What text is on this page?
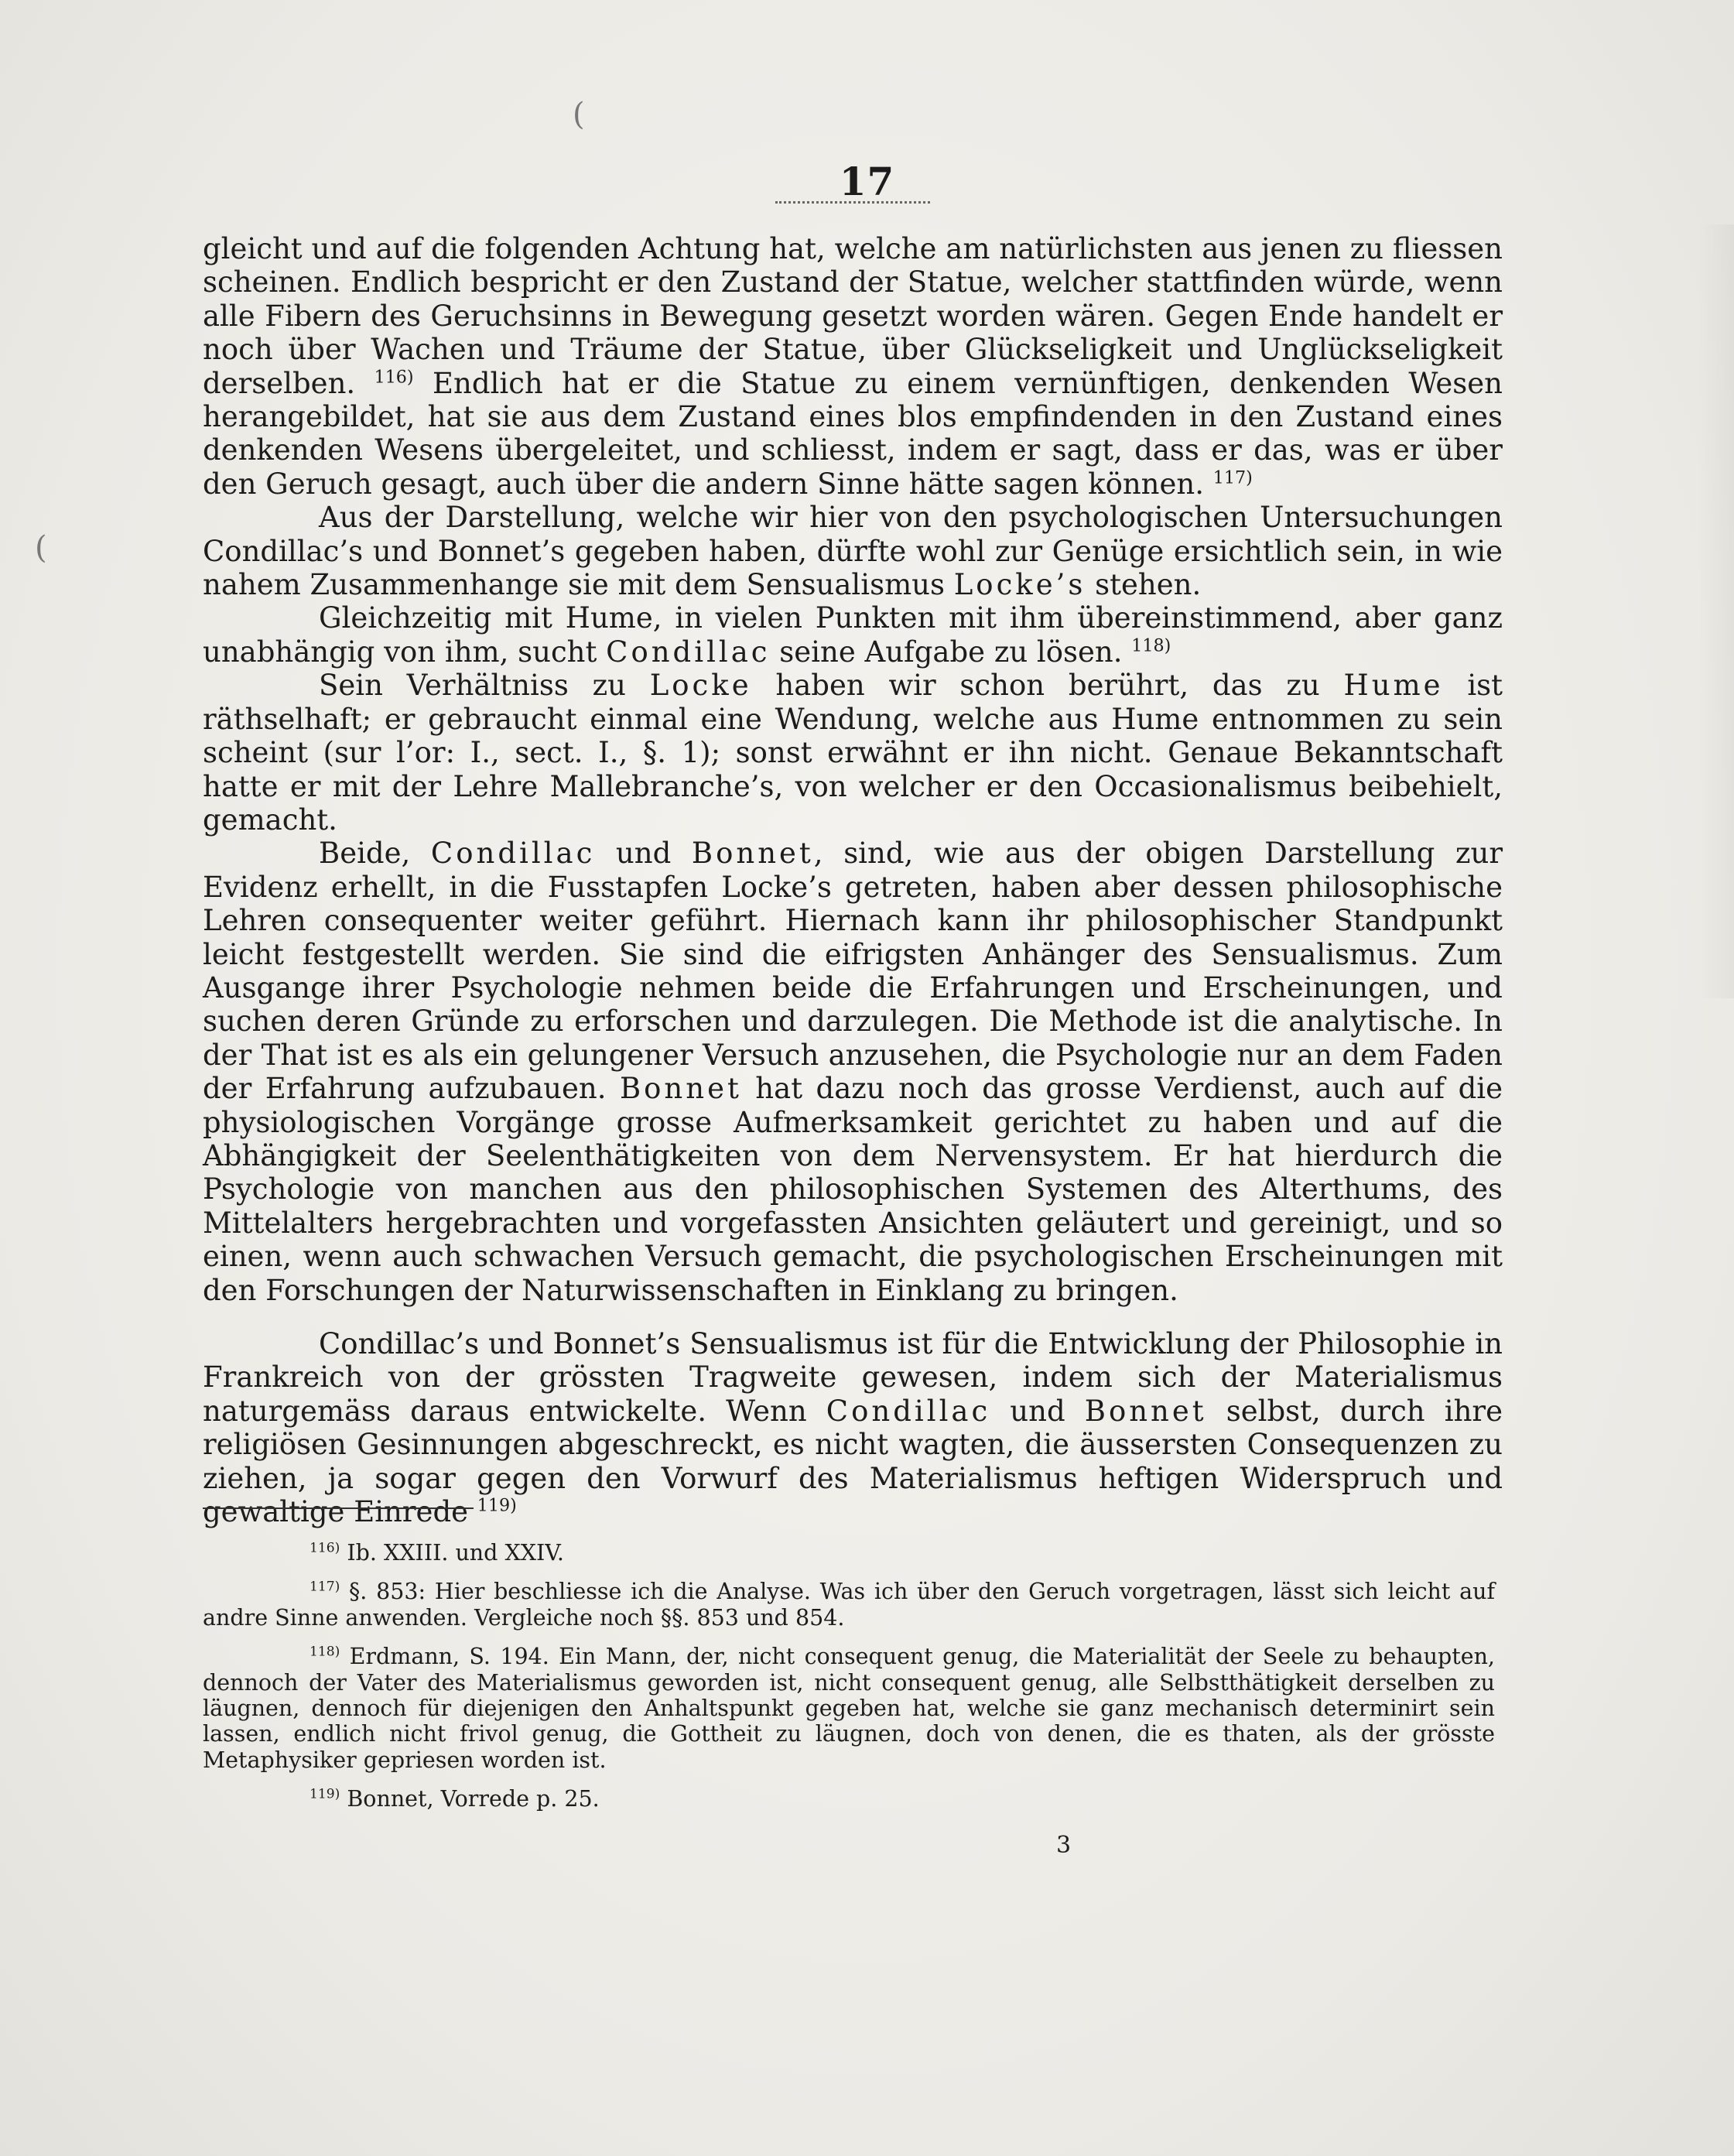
(
(
17

gleicht und auf die folgenden Achtung hat, welche am natürlichsten aus jenen zu fliessen scheinen. Endlich bespricht er den Zustand der Statue, welcher stattfinden würde, wenn alle Fibern des Geruchsinns in Bewegung gesetzt worden wären. Gegen Ende handelt er noch über Wachen und Träume der Statue, über Glückseligkeit und Unglückseligkeit derselben. $^{116)}$ Endlich hat er die Statue zu einem vernünftigen, denkenden Wesen herangebildet, hat sie aus dem Zustand eines blos empfindenden in den Zustand eines denkenden Wesens übergeleitet, und schliesst, indem er sagt, dass er das, was er über den Geruch gesagt, auch über die andern Sinne hätte sagen können. $^{117)}$

Aus der Darstellung, welche wir hier von den psychologischen Untersuchungen Condillac’s und Bonnet’s gegeben haben, dürfte wohl zur Genüge ersichtlich sein, in wie nahem Zusammenhange sie mit dem Sensualismus Locke’s stehen.

Gleichzeitig mit Hume, in vielen Punkten mit ihm übereinstimmend, aber ganz unabhängig von ihm, sucht Condillac seine Aufgabe zu lösen. $^{118)}$

Sein Verhältniss zu Locke haben wir schon berührt, das zu Hume ist räthselhaft; er gebraucht einmal eine Wendung, welche aus Hume entnommen zu sein scheint (sur l’or: I., sect. I., §. 1); sonst erwähnt er ihn nicht. Genaue Bekanntschaft hatte er mit der Lehre Mallebranche’s, von welcher er den Occasionalismus beibehielt, gemacht.

Beide, Condillac und Bonnet, sind, wie aus der obigen Darstellung zur Evidenz erhellt, in die Fusstapfen Locke’s getreten, haben aber dessen philosophische Lehren consequenter weiter geführt. Hiernach kann ihr philosophischer Standpunkt leicht festgestellt werden. Sie sind die eifrigsten Anhänger des Sensualismus. Zum Ausgange ihrer Psychologie nehmen beide die Erfahrungen und Erscheinungen, und suchen deren Gründe zu erforschen und darzulegen. Die Methode ist die analytische. In der That ist es als ein gelungener Versuch anzusehen, die Psychologie nur an dem Faden der Erfahrung aufzubauen. Bonnet hat dazu noch das grosse Verdienst, auch auf die physiologischen Vorgänge grosse Aufmerksamkeit gerichtet zu haben und auf die Abhängigkeit der Seelenthätigkeiten von dem Nervensystem. Er hat hierdurch die Psychologie von manchen aus den philosophischen Systemen des Alterthums, des Mittelalters hergebrachten und vorgefassten Ansichten geläutert und gereinigt, und so einen, wenn auch schwachen Versuch gemacht, die psychologischen Erscheinungen mit den Forschungen der Naturwissenschaften in Einklang zu bringen.

Condillac’s und Bonnet’s Sensualismus ist für die Entwicklung der Philosophie in Frankreich von der grössten Tragweite gewesen, indem sich der Materialismus naturgemäss daraus entwickelte. Wenn Condillac und Bonnet selbst, durch ihre religiösen Gesinnungen abgeschreckt, es nicht wagten, die äussersten Consequenzen zu ziehen, ja sogar gegen den Vorwurf des Materialismus heftigen Widerspruch und gewaltige Einrede $^{119)}$

$^{116)}$ Ib. XXIII. und XXIV.

$^{117)}$ §. 853: Hier beschliesse ich die Analyse. Was ich über den Geruch vorgetragen, lässt sich leicht auf andre Sinne anwenden. Vergleiche noch §§. 853 und 854.

$^{118)}$ Erdmann, S. 194. Ein Mann, der, nicht consequent genug, die Materialität der Seele zu behaupten, dennoch der Vater des Materialismus geworden ist, nicht consequent genug, alle Selbstthätigkeit derselben zu läugnen, dennoch für diejenigen den Anhaltspunkt gegeben hat, welche sie ganz mechanisch determinirt sein lassen, endlich nicht frivol genug, die Gottheit zu läugnen, doch von denen, die es thaten, als der grösste Metaphysiker gepriesen worden ist.

$^{119)}$ Bonnet, Vorrede p. 25.

3
